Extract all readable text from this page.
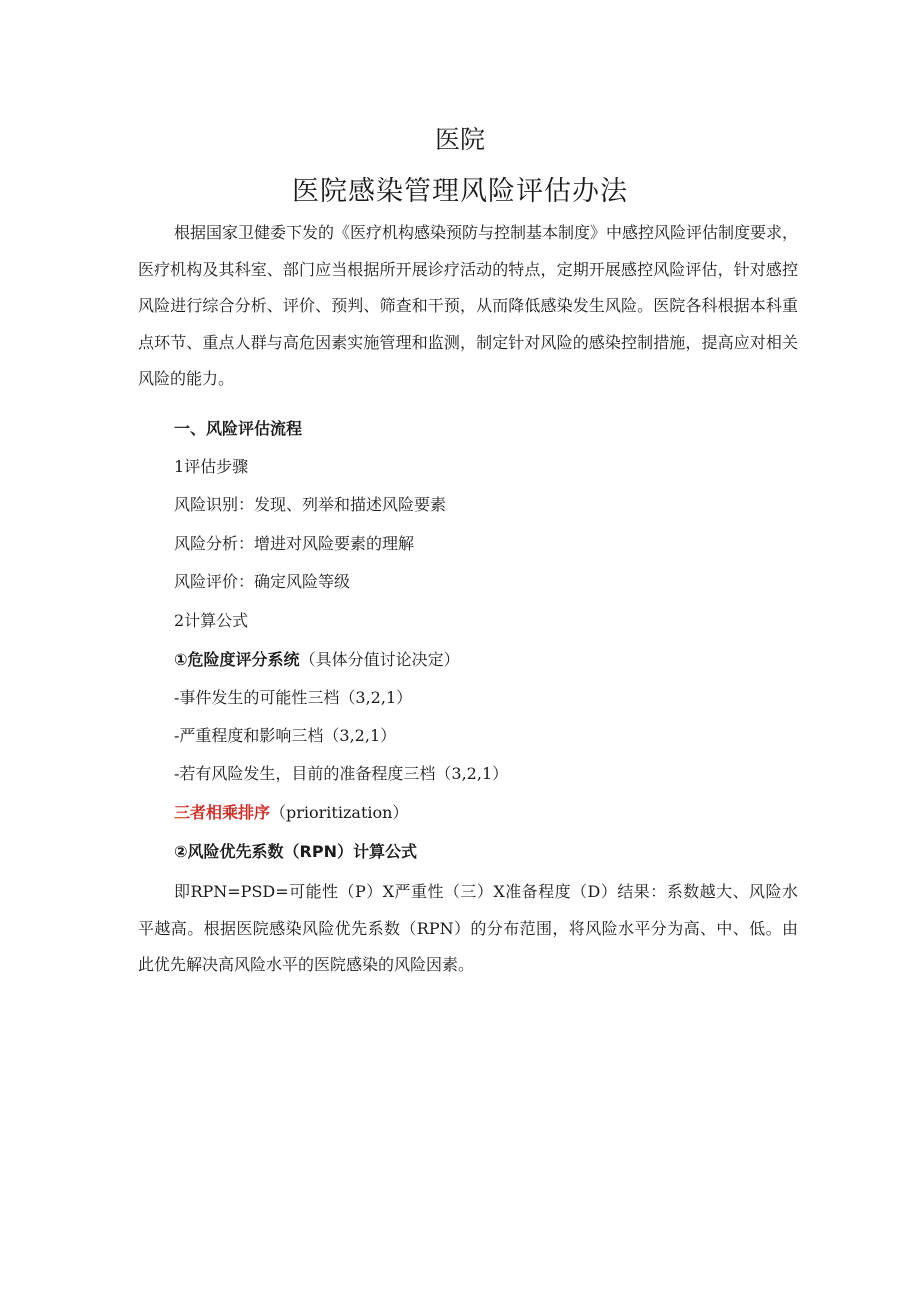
医院
医院感染管理风险评估办法

根据国家卫健委下发的《医疗机构感染预防与控制基本制度》中感控风险评估制度要求，医疗机构及其科室、部门应当根据所开展诊疗活动的特点，定期开展感控风险评估，针对感控风险进行综合分析、评价、预判、筛查和干预，从而降低感染发生风险。医院各科根据本科重点环节、重点人群与高危因素实施管理和监测，制定针对风险的感染控制措施，提高应对相关风险的能力。

一、风险评估流程
1评估步骤
风险识别：发现、列举和描述风险要素
风险分析：增进对风险要素的理解
风险评价：确定风险等级
2计算公式
①危险度评分系统（具体分值讨论决定）
-事件发生的可能性三档（3,2,1）
-严重程度和影响三档（3,2,1）
-若有风险发生，目前的准备程度三档（3,2,1）
三者相乘排序（prioritization）
②风险优先系数（RPN）计算公式

即RPN=PSD=可能性（P）X严重性（三）X准备程度（D）结果：系数越大、风险水平越高。根据医院感染风险优先系数（RPN）的分布范围，将风险水平分为高、中、低。由此优先解决高风险水平的医院感染的风险因素。
